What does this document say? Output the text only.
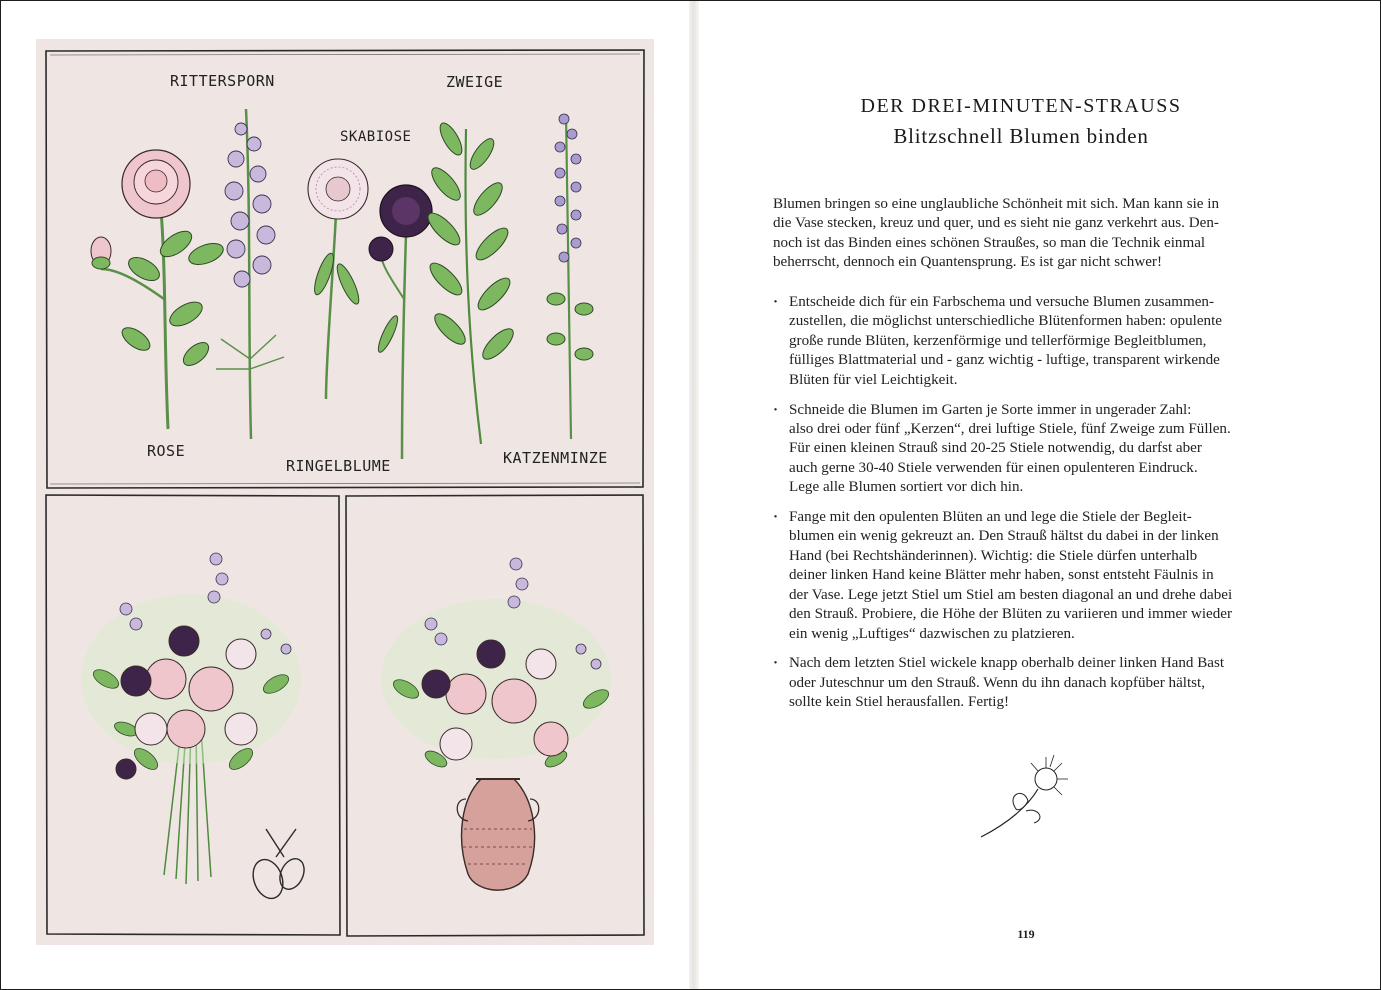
RITTERSPORN	ZWEIGE
SKABIOSE
ROSE
RINGELBLUME	KATZENMINZE
DER DREI-MINUTEN-STRAUSS
Blitzschnell Blumen binden
Blumen bringen so eine unglaubliche Schönheit mit sich. Man kann sie in
die Vase stecken, kreuz und quer, und es sieht nie ganz verkehrt aus. Den-
noch ist das Binden eines schönen Straußes, so man die Technik einmal
beherrscht, dennoch ein Quantensprung. Es ist gar nicht schwer!
· Entscheide dich für ein Farbschema und versuche Blumen zusammen-
zustellen, die möglichst unterschiedliche Blütenformen haben: opulente
große runde Blüten, kerzenförmige und tellerförmige Begleitblumen,
fülliges Blattmaterial und - ganz wichtig - luftige, transparent wirkende
Blüten für viel Leichtigkeit.
· Schneide die Blumen im Garten je Sorte immer in ungerader Zahl:
also drei oder fünf „Kerzen“, drei luftige Stiele, fünf Zweige zum Füllen.
Für einen kleinen Strauß sind 20-25 Stiele notwendig, du darfst aber
auch gerne 30-40 Stiele verwenden für einen opulenteren Eindruck.
Lege alle Blumen sortiert vor dich hin.
· Fange mit den opulenten Blüten an und lege die Stiele der Begleit-
blumen ein wenig gekreuzt an. Den Strauß hältst du dabei in der linken
Hand (bei Rechtshänderinnen). Wichtig: die Stiele dürfen unterhalb
deiner linken Hand keine Blätter mehr haben, sonst entsteht Fäulnis in
der Vase. Lege jetzt Stiel um Stiel am besten diagonal an und drehe dabei
den Strauß. Probiere, die Höhe der Blüten zu variieren und immer wieder
ein wenig „Luftiges“ dazwischen zu platzieren.
· Nach dem letzten Stiel wickele knapp oberhalb deiner linken Hand Bast
oder Juteschnur um den Strauß. Wenn du ihn danach kopfüber hältst,
sollte kein Stiel herausfallen. Fertig!
119
